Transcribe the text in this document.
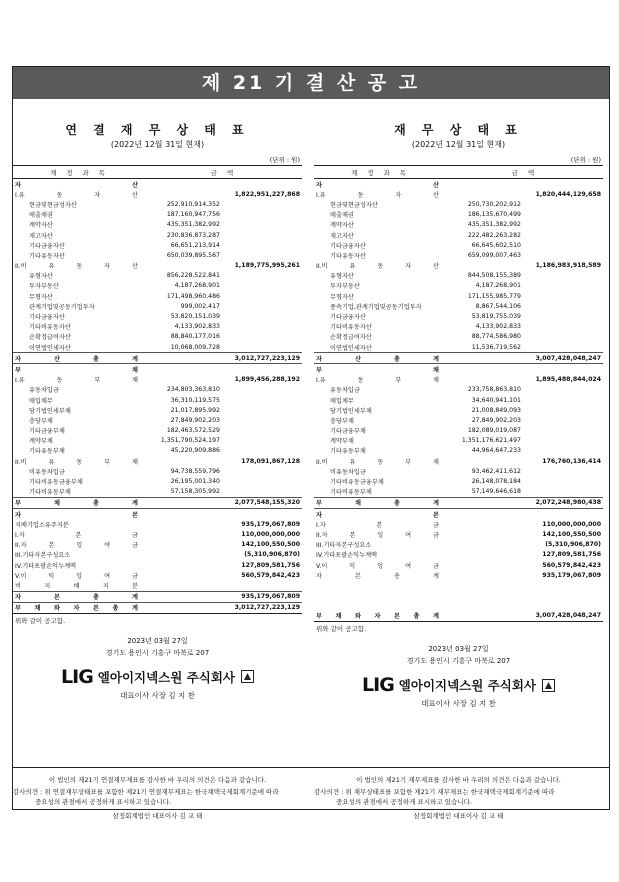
제 21 기 결 산 공 고
연 결 재 무 상 태 표
(2022년 12월 31일 현재)
(단위 : 원)
계 정 과 목	금 액	
자 산		
I.유 동 자 산		1,822,951,227,868
현금및현금성자산	252,910,914,352	
매출채권	187,160,947,756	
계약자산	435,351,382,992	
재고자산	230,836,873,287	
기타금융자산	66,651,213,914	
기타유동자산	650,039,895,567	
II.비 유 동 자 산		1,189,775,995,261
유형자산	856,228,522,841	
투자부동산	4,187,268,901	
무형자산	171,498,960,486	
관계기업및공동기업투자	999,002,417	
기타금융자산	53,820,151,039	
기타비유동자산	4,133,902,833	
순확정급여자산	88,840,177,016	
이연법인세자산	10,068,009,728	
자 산 총 계		3,012,727,223,129
부 채		
I.유 동 부 채		1,899,456,288,192
유동차입금	234,803,363,810	
매입채무	36,310,119,575	
당기법인세부채	21,017,895,992	
충당부채	27,849,902,203	
기타금융부채	182,463,572,529	
계약부채	1,351,790,524,197	
기타유동부채	45,220,909,886	
II.비 유 동 부 채		178,091,867,128
비유동차입금	94,738,559,796	
기타비유동금융부채	26,195,001,340	
기타비유동부채	57,158,305,992	
부 채 총 계		2,077,548,155,320
자 본		
지배기업소유주지분		935,179,067,809
I.자 본 금		110,000,000,000
II.자 본 잉 여 금		142,100,550,500
III.기타자본구성요소		(5,310,906,870)
IV.기타포괄손익누계액		127,809,581,756
V.이 익 잉 여 금		560,579,842,423
비 지 배 지 분		
자 본 총 계		935,179,067,809
부 채 와 자 본 총 계		3,012,727,223,129
위와 같이 공고함.
2023년 03월 27일
경기도 용인시 기흥구 마북로 207
LIG 엘아이지넥스원 주식회사
대표이사 사장 김 지 찬
재 무 상 태 표
(2022년 12월 31일 현재)
(단위 : 원)
계 정 과 목	금 액	
자 산		
I.유 동 자 산		1,820,444,129,658
현금및현금성자산	250,730,202,912	
매출채권	186,135,670,499	
계약자산	435,351,382,992	
재고자산	222,482,263,282	
기타금융자산	66,645,602,510	
기타유동자산	659,099,007,463	
II.비 유 동 자 산		1,186,983,918,589
유형자산	844,508,155,389	
투자부동산	4,187,268,901	
무형자산	171,155,985,779	
종속기업,관계기업및공동기업투자	8,867,544,106	
기타금융자산	53,819,755,039	
기타비유동자산	4,133,902,833	
순확정급여자산	88,774,586,980	
이연법인세자산	11,536,719,562	
자 산 총 계		3,007,428,048,247
부 채		
I.유 동 부 채		1,895,488,844,024
유동차입금	233,758,863,810	
매입채무	34,640,941,101	
당기법인세부채	21,008,849,093	
충당부채	27,849,902,203	
기타금융부채	182,089,019,087	
계약부채	1,351,176,621,497	
기타유동부채	44,964,647,233	
II.비 유 동 부 채		176,760,136,414
비유동차입금	93,462,411,612	
기타비유동금융부채	26,148,078,184	
기타비유동부채	57,149,646,618	
부 채 총 계		2,072,248,980,438
자 본		
I.자 본 금		110,000,000,000
II.자 본 잉 여 금		142,100,550,500
III.기타자본구성요소		(5,310,906,870)
IV.기타포괄손익누계액		127,809,581,756
V.이 익 잉 여 금		560,579,842,423
자 본 총 계		935,179,067,809

부 채 와 자 본 총 계		3,007,428,048,247
위와 같이 공고함.
2023년 03월 27일
경기도 용인시 기흥구 마북로 207
LIG 엘아이지넥스원 주식회사
대표이사 사장 김 지 찬
이 법인의 제21기 연결재무제표를 감사한 바 우리의 의견은 다음과 같습니다.
감사의견 : 위 연결재무상태표를 포함한 제21기 연결재무제표는 한국채택국제회계기준에 따라
중요성의 관점에서 공정하게 표시하고 있습니다.
삼정회계법인 대표이사 김 교 태
이 법인의 제21기 재무제표를 감사한 바 우리의 의견은 다음과 같습니다.
감사의견 : 위 재무상태표를 포함한 제21기 재무제표는 한국채택국제회계기준에 따라
중요성의 관점에서 공정하게 표시하고 있습니다.
삼정회계법인 대표이사 김 교 태
